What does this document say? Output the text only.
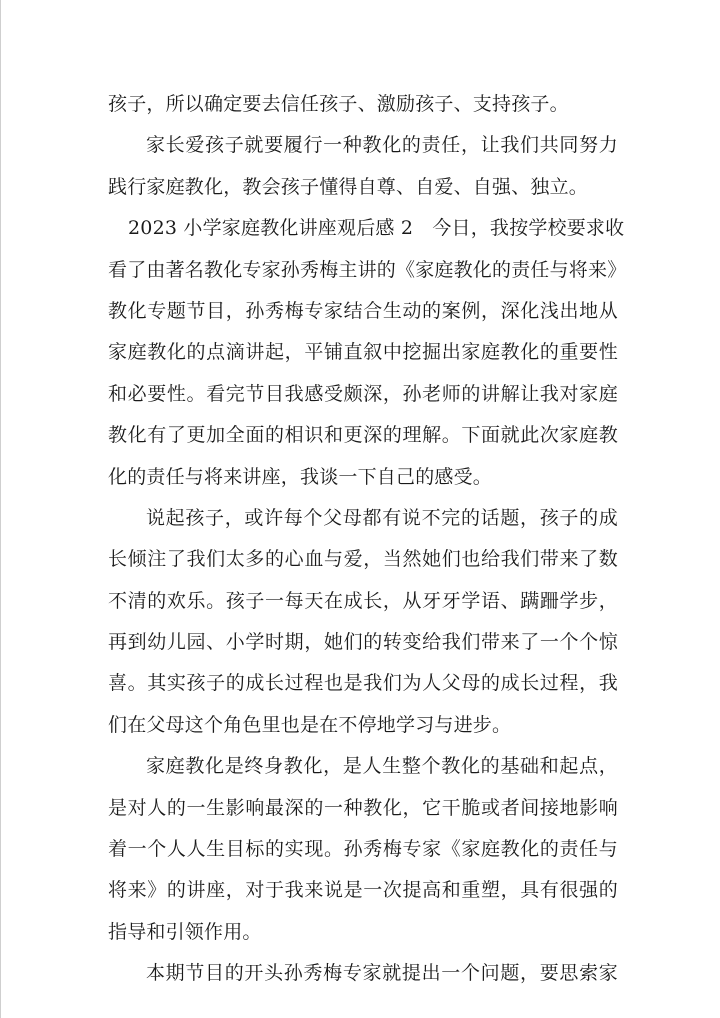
孩子，所以确定要去信任孩子、激励孩子、支持孩子。
家长爱孩子就要履行一种教化的责任，让我们共同努力
践行家庭教化，教会孩子懂得自尊、自爱、自强、独立。
2023 小学家庭教化讲座观后感 2　今日，我按学校要求收
看了由著名教化专家孙秀梅主讲的《家庭教化的责任与将来》
教化专题节目，孙秀梅专家结合生动的案例，深化浅出地从
家庭教化的点滴讲起，平铺直叙中挖掘出家庭教化的重要性
和必要性。看完节目我感受颇深，孙老师的讲解让我对家庭
教化有了更加全面的相识和更深的理解。下面就此次家庭教
化的责任与将来讲座，我谈一下自己的感受。
说起孩子，或许每个父母都有说不完的话题，孩子的成
长倾注了我们太多的心血与爱，当然她们也给我们带来了数
不清的欢乐。孩子一每天在成长，从牙牙学语、蹒跚学步，
再到幼儿园、小学时期，她们的转变给我们带来了一个个惊
喜。其实孩子的成长过程也是我们为人父母的成长过程，我
们在父母这个角色里也是在不停地学习与进步。
家庭教化是终身教化，是人生整个教化的基础和起点，
是对人的一生影响最深的一种教化，它干脆或者间接地影响
着一个人人生目标的实现。孙秀梅专家《家庭教化的责任与
将来》的讲座，对于我来说是一次提高和重塑，具有很强的
指导和引领作用。
本期节目的开头孙秀梅专家就提出一个问题，要思索家
